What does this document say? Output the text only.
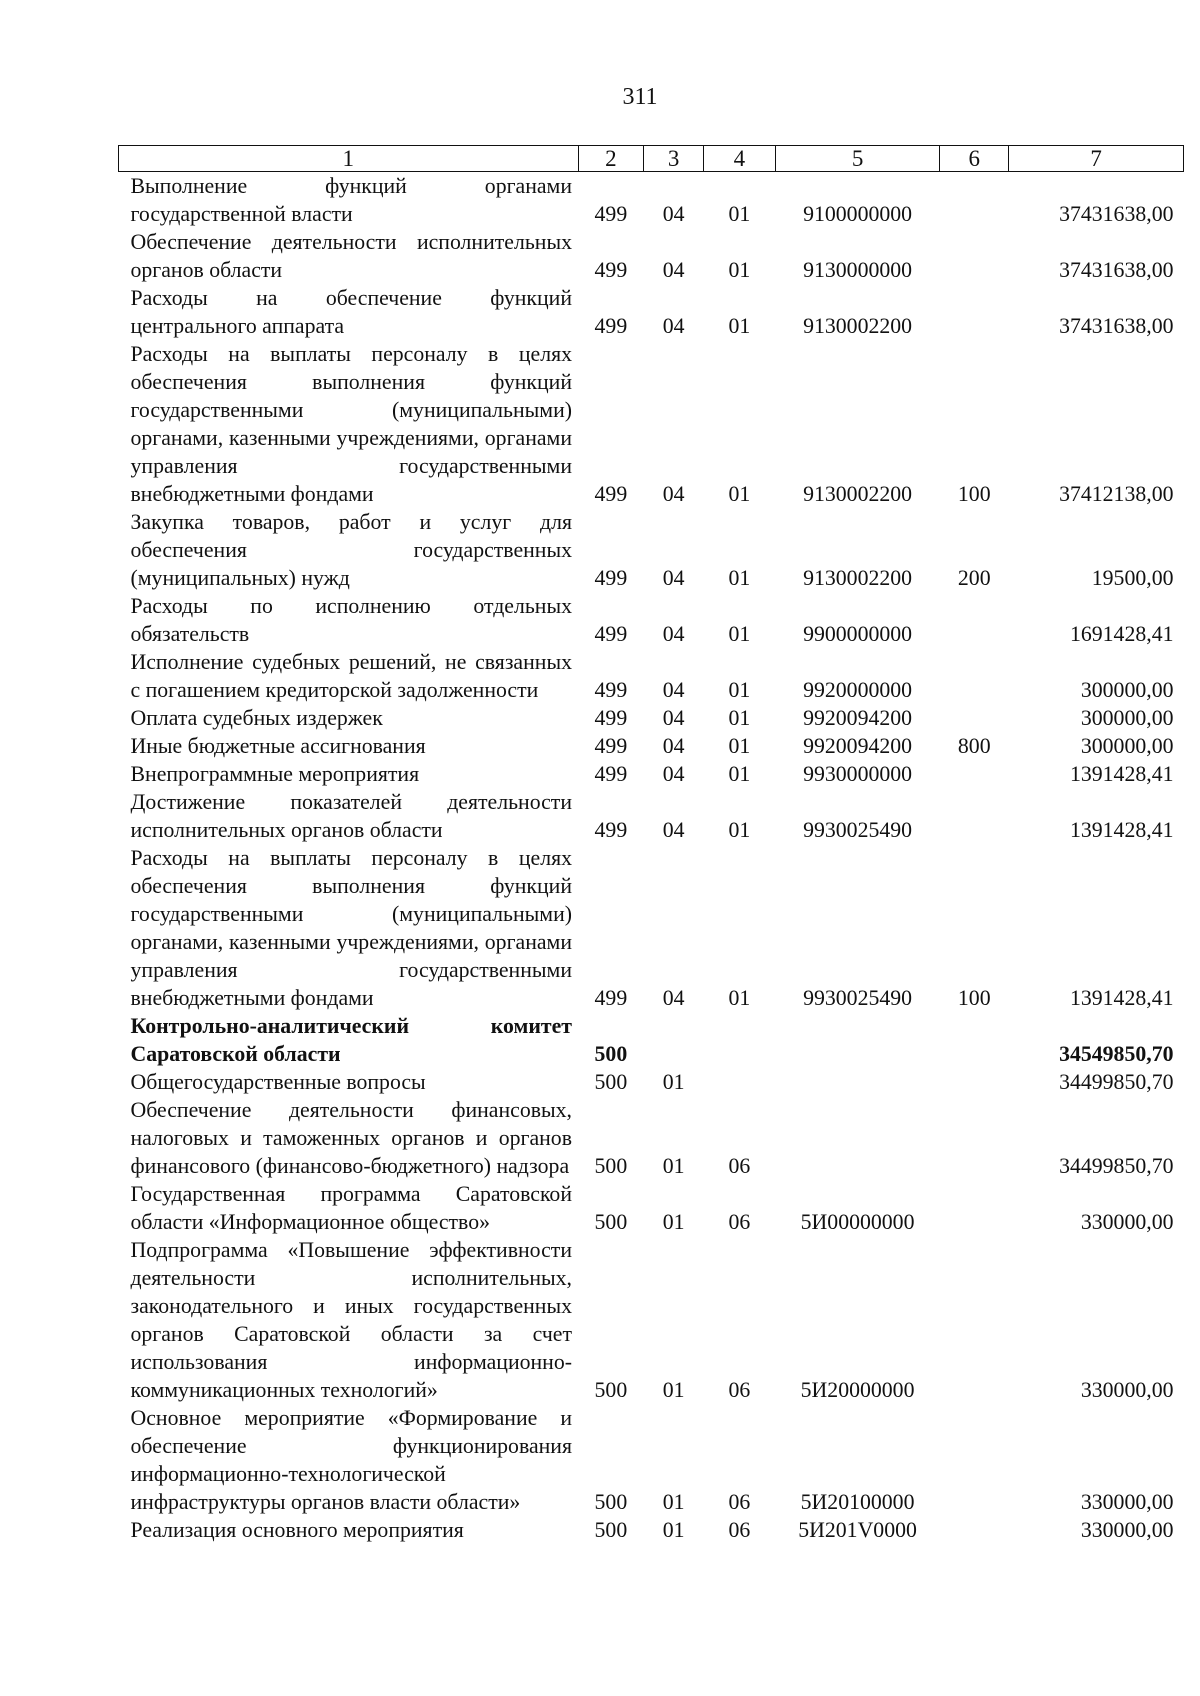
311
1	2	3	4	5	6	7
Выполнение функций органами государственной власти	499	04	01	9100000000		37431638,00
Обеспечение деятельности исполнительных органов области	499	04	01	9130000000		37431638,00
Расходы на обеспечение функций центрального аппарата	499	04	01	9130002200		37431638,00
Расходы на выплаты персоналу в целях обеспечения выполнения функций государственными (муниципальными) органами, казенными учреждениями, органами управления государственными внебюджетными фондами	499	04	01	9130002200	100	37412138,00
Закупка товаров, работ и услуг для обеспечения государственных (муниципальных) нужд	499	04	01	9130002200	200	19500,00
Расходы по исполнению отдельных обязательств	499	04	01	9900000000		1691428,41
Исполнение судебных решений, не связанных с погашением кредиторской задолженности	499	04	01	9920000000		300000,00
Оплата судебных издержек	499	04	01	9920094200		300000,00
Иные бюджетные ассигнования	499	04	01	9920094200	800	300000,00
Внепрограммные мероприятия	499	04	01	9930000000		1391428,41
Достижение показателей деятельности исполнительных органов области	499	04	01	9930025490		1391428,41
Расходы на выплаты персоналу в целях обеспечения выполнения функций государственными (муниципальными) органами, казенными учреждениями, органами управления государственными внебюджетными фондами	499	04	01	9930025490	100	1391428,41
Контрольно-аналитический комитет Саратовской области	500					34549850,70
Общегосударственные вопросы	500	01				34499850,70
Обеспечение деятельности финансовых, налоговых и таможенных органов и органов финансового (финансово-бюджетного) надзора	500	01	06			34499850,70
Государственная программа Саратовской области «Информационное общество»	500	01	06	5И00000000		330000,00
Подпрограмма «Повышение эффективности деятельности исполнительных, законодательного и иных государственных органов Саратовской области за счет использования информационно-коммуникационных технологий»	500	01	06	5И20000000		330000,00
Основное мероприятие «Формирование и обеспечение функционирования информационно-технологической инфраструктуры органов власти области»	500	01	06	5И20100000		330000,00
Реализация основного мероприятия	500	01	06	5И201V0000		330000,00
